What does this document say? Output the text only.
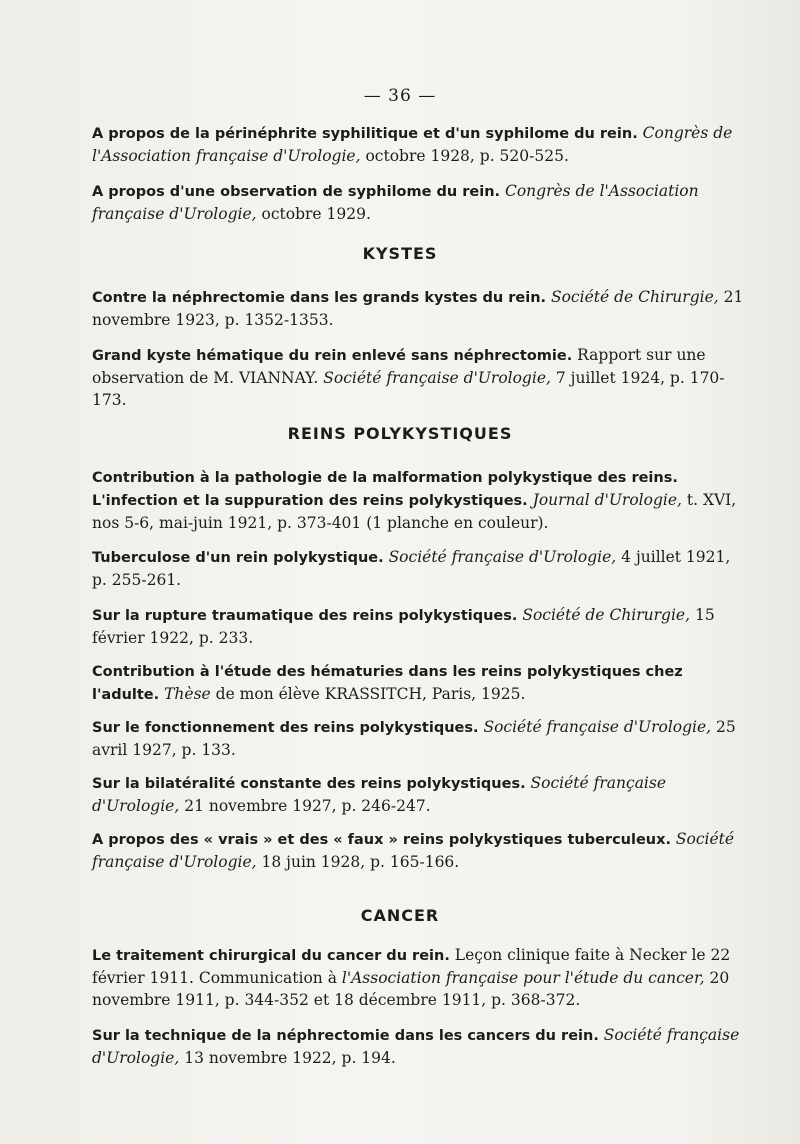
— 36 —
A propos de la périnéphrite syphilitique et d'un syphilome du rein. Congrès de l'Association française d'Urologie, octobre 1928, p. 520-525.
A propos d'une observation de syphilome du rein. Congrès de l'Association française d'Urologie, octobre 1929.
KYSTES
Contre la néphrectomie dans les grands kystes du rein. Société de Chirurgie, 21 novembre 1923, p. 1352-1353.
Grand kyste hématique du rein enlevé sans néphrectomie. Rapport sur une observation de M. VIANNAY. Société française d'Urologie, 7 juillet 1924, p. 170-173.
REINS POLYKYSTIQUES
Contribution à la pathologie de la malformation polykystique des reins. L'infection et la suppuration des reins polykystiques. Journal d'Urologie, t. XVI, nos 5-6, mai-juin 1921, p. 373-401 (1 planche en couleur).
Tuberculose d'un rein polykystique. Société française d'Urologie, 4 juillet 1921, p. 255-261.
Sur la rupture traumatique des reins polykystiques. Société de Chirurgie, 15 février 1922, p. 233.
Contribution à l'étude des hématuries dans les reins polykystiques chez l'adulte. Thèse de mon élève KRASSITCH, Paris, 1925.
Sur le fonctionnement des reins polykystiques. Société française d'Urologie, 25 avril 1927, p. 133.
Sur la bilatéralité constante des reins polykystiques. Société française d'Urologie, 21 novembre 1927, p. 246-247.
A propos des « vrais » et des « faux » reins polykystiques tuberculeux. Société française d'Urologie, 18 juin 1928, p. 165-166.
CANCER
Le traitement chirurgical du cancer du rein. Leçon clinique faite à Necker le 22 février 1911. Communication à l'Association française pour l'étude du cancer, 20 novembre 1911, p. 344-352 et 18 décembre 1911, p. 368-372.
Sur la technique de la néphrectomie dans les cancers du rein. Société française d'Urologie, 13 novembre 1922, p. 194.
